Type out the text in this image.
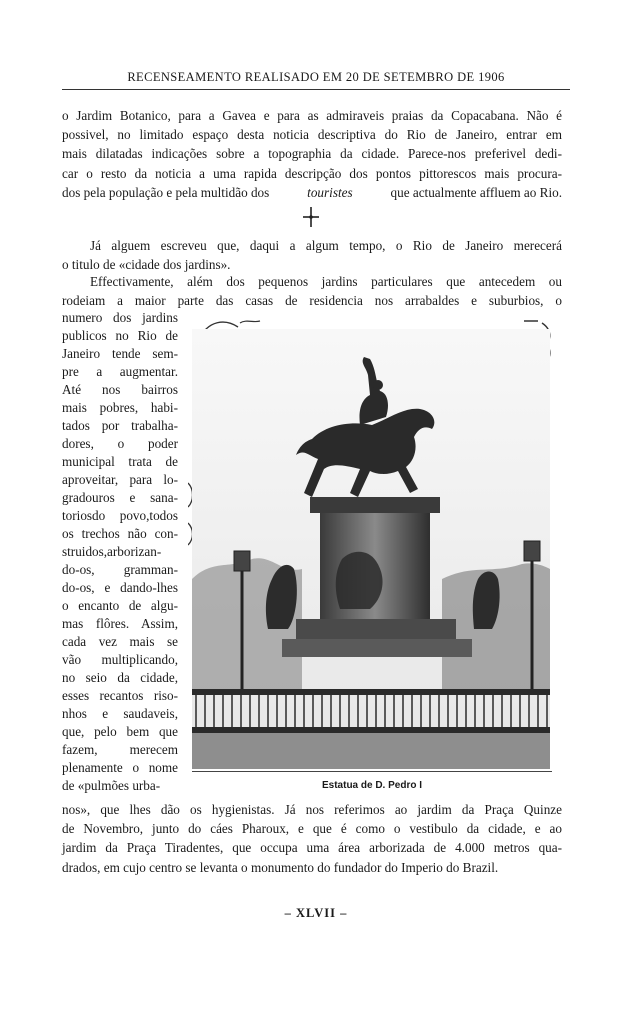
RECENSEAMENTO REALISADO EM 20 DE SETEMBRO DE 1906
o Jardim Botanico, para a Gavea e para as admiraveis praias da Copacabana. Não é
possivel, no limitado espaço desta noticia descriptiva do Rio de Janeiro, entrar em
mais dilatadas indicações sobre a topographia da cidade. Parece-nos preferivel dedi-
car o resto da noticia a uma rapida descripção dos pontos pittorescos mais procura-
dos pela população e pela multidão dos	touristes	que actualmente affluem ao Rio.
Já alguem escreveu que, daqui a algum tempo, o Rio de Janeiro merecerá
o titulo de «cidade dos jardins».
Effectivamente, além dos pequenos jardins particulares que antecedem ou
rodeiam a maior parte das casas de residencia nos arrabaldes e suburbios, o
numero dos jardins
publicos no Rio de
Janeiro tende sem-
pre a augmentar.
Até nos bairros
mais pobres, habi-
tados por trabalha-
dores, o poder
municipal trata de
aproveitar, para lo-
gradouros e sana-
toriosdo povo,todos
os trechos não con-
struidos,arborizan-
do-os, gramman-
do-os, e dando-lhes
o encanto de algu-
mas flôres. Assim,
cada vez mais se
vão multiplicando,
no seio da cidade,
esses recantos riso-
nhos e saudaveis,
que, pelo bem que
fazem, merecem
plenamente o nome
de «pulmões urba-	Estatua de D. Pedro I
nos», que lhes dão os hygienistas. Já nos referimos ao jardim da Praça Quinze
de Novembro, junto do cáes Pharoux, e que é como o vestibulo da cidade, e ao
jardim da Praça Tiradentes, que occupa uma área arborizada de 4.000 metros qua-
drados, em cujo centro se levanta o monumento do fundador do Imperio do Brazil.
– XLVII –
